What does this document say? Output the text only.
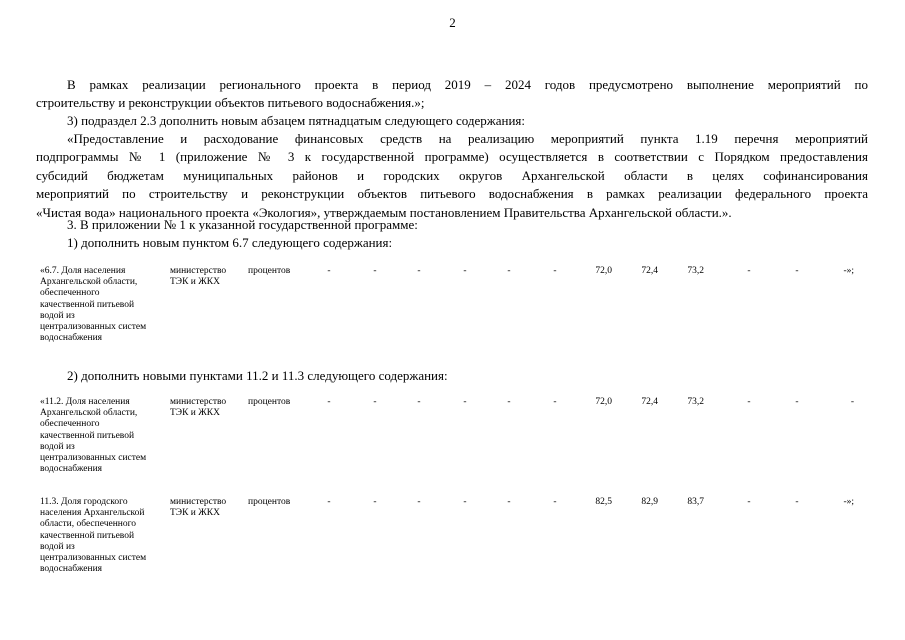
2
В рамках реализации регионального проекта в период 2019 – 2024 годов предусмотрено выполнение мероприятий по
строительству и реконструкции объектов питьевого водоснабжения.»;
3) подраздел 2.3 дополнить новым абзацем пятнадцатым следующего содержания:
«Предоставление и расходование финансовых средств на реализацию мероприятий пункта 1.19 перечня мероприятий
подпрограммы № 1 (приложение № 3 к государственной программе) осуществляется в соответствии с Порядком предоставления
субсидий бюджетам муниципальных районов и городских округов Архангельской области в целях софинансирования
мероприятий по строительству и реконструкции объектов питьевого водоснабжения в рамках реализации федерального проекта
«Чистая вода» национального проекта «Экология», утверждаемым постановлением Правительства Архангельской области.».
3. В приложении № 1 к указанной государственной программе:
1) дополнить новым пунктом 6.7 следующего содержания:
2) дополнить новыми пунктами 11.2 и 11.3 следующего содержания:
«6.7. Доля населения
Архангельской области,
обеспеченного
качественной питьевой
водой из
централизованных систем
водоснабжения
министерство
ТЭК и ЖКХ
процентов	-	-	-	-	-	-	72,0	72,4	73,2	-	-	-»;
«11.2. Доля населения
Архангельской области,
обеспеченного
качественной питьевой
водой из
централизованных систем
водоснабжения
министерство
ТЭК и ЖКХ
процентов	-	-	-	-	-	-	72,0	72,4	73,2	-	-	-
11.3. Доля городского
населения Архангельской
области, обеспеченного
качественной питьевой
водой из
централизованных систем
водоснабжения
министерство
ТЭК и ЖКХ
процентов	-	-	-	-	-	-	82,5	82,9	83,7	-	-	-»;
